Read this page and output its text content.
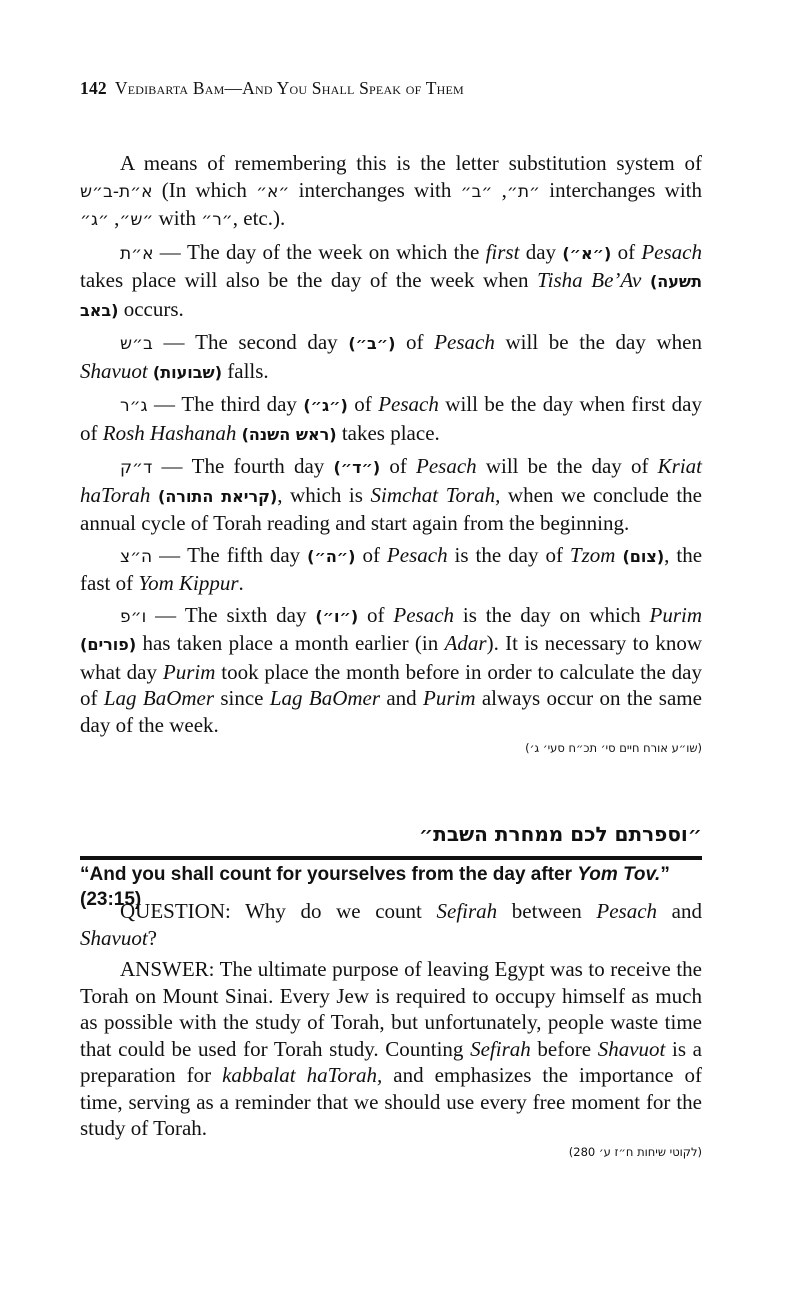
142 Vedibarta Bam—And You Shall Speak of Them

A means of remembering this is the letter substitution system of א״ת-ב״ש (In which ״א״ interchanges with	״ת״, ״ב״ interchanges with ״ש״, ״ג״ with ״ר״, etc.).

א״ת — The day of the week on which the first day (״א״) of Pesach takes place will also be the day of the week when Tisha Be’Av (תשעה באב) occurs.

ב״ש — The second day (״ב״) of Pesach will be the day when Shavuot (שבועות) falls.

ג״ר — The third day (״ג״) of Pesach will be the day when first day of Rosh Hashanah (ראש השנה) takes place.

ד״ק — The fourth day (״ד״) of Pesach will be the day of Kriat haTorah (קריאת התורה), which is Simchat Torah, when we conclude the annual cycle of Torah reading and start again from the beginning.

ה״צ — The fifth day (״ה״) of Pesach is the day of Tzom (צום), the fast of Yom Kippur.

ו״פ — The sixth day (״ו״) of Pesach is the day on which Purim (פורים) has taken place a month earlier (in Adar). It is necessary to know what day Purim took place the month before in order to calculate the day of Lag BaOmer since Lag BaOmer and Purim always occur on the same day of the week.

(שו״ע אורח חיים סי׳ תכ״ח סעי׳ ג׳)
״וספרתם לכם ממחרת השבת״
“And you shall count for yourselves from the day after Yom Tov.” (23:15)

QUESTION: Why do we count Sefirah between Pesach and Shavuot?

ANSWER: The ultimate purpose of leaving Egypt was to receive the Torah on Mount Sinai. Every Jew is required to occupy himself as much as possible with the study of Torah, but unfortunately, people waste time that could be used for Torah study. Counting Sefirah before Shavuot is a preparation for kabbalat haTorah, and emphasizes the importance of time, serving as a reminder that we should use every free moment for the study of Torah.

(לקוטי שיחות ח״ז ע׳ 280)
